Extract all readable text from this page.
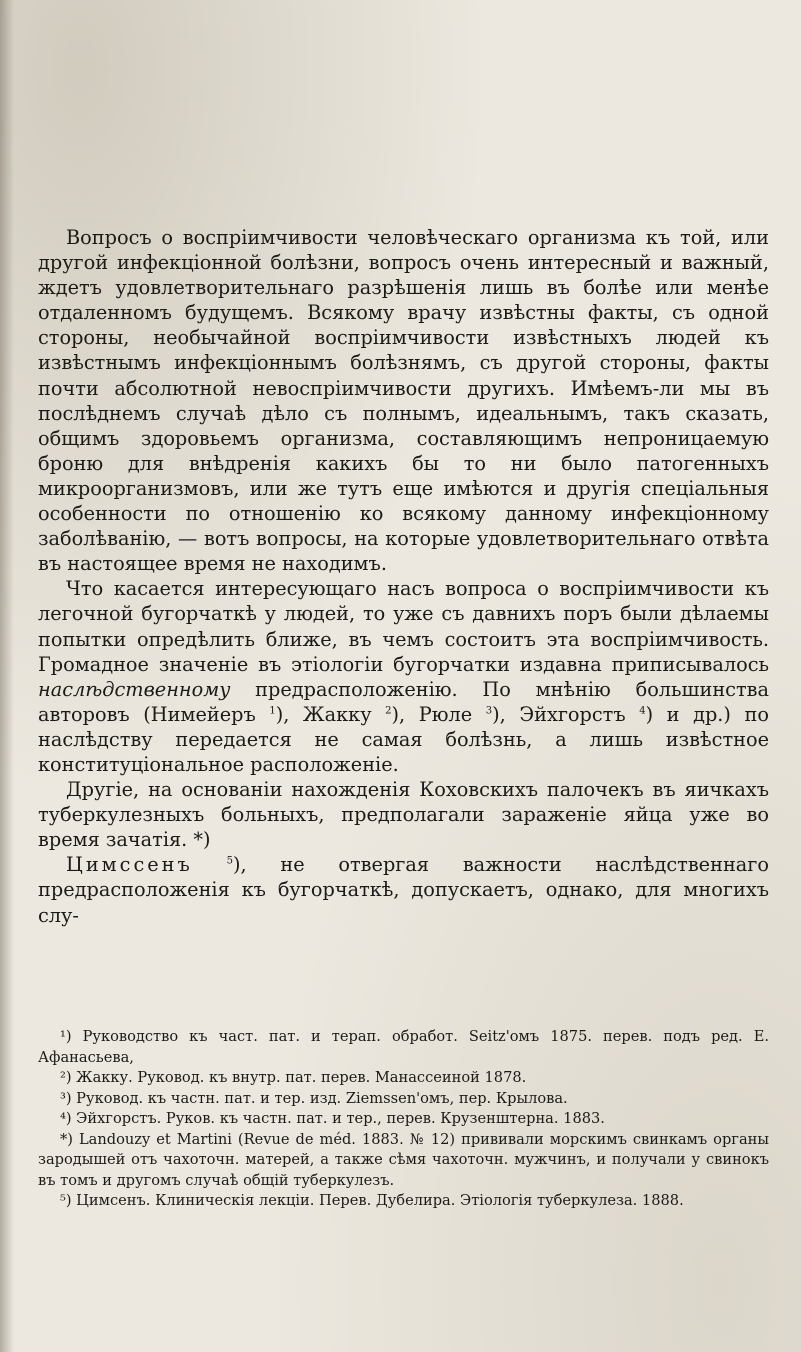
Вопросъ о воспріимчивости человѣческаго организма къ той, или другой инфекціонной болѣзни, вопросъ очень интересный и важный, ждетъ удовлетворительнаго разрѣшенія лишь въ болѣе или менѣе отдаленномъ будущемъ. Всякому врачу извѣстны факты, съ одной стороны, необычайной воспріимчивости извѣстныхъ людей къ извѣстнымъ инфекціоннымъ болѣзнямъ, съ другой стороны, факты почти абсолютной невоспріимчивости другихъ. Имѣемъ-ли мы въ послѣднемъ случаѣ дѣло съ полнымъ, идеальнымъ, такъ сказать, общимъ здоровьемъ организма, составляющимъ непроницаемую броню для внѣдренія какихъ бы то ни было патогенныхъ микроорганизмовъ, или же тутъ еще имѣются и другія спеціальныя особенности по отношенію ко всякому данному инфекціонному заболѣванію, — вотъ вопросы, на которые удовлетворительнаго отвѣта въ настоящее время не находимъ.

Что касается интересующаго насъ вопроса о воспріимчивости къ легочной бугорчаткѣ у людей, то уже съ давнихъ поръ были дѣлаемы попытки опредѣлить ближе, въ чемъ состоитъ эта воспріимчивость. Громадное значеніе въ этіологіи бугорчатки издавна приписывалось наслѣдственному предрасположенію. По мнѣнію большинства авторовъ (Нимейеръ $^1$), Жакку $^2$), Рюле $^3$), Эйхгорстъ $^4$) и др.) по наслѣдству передается не самая болѣзнь, а лишь извѣстное конституціональное расположеніе.

Другіе, на основаніи нахожденія Коховскихъ палочекъ въ яичкахъ туберкулезныхъ больныхъ, предполагали зараженіе яйца уже во время зачатія. *)

Цимссенъ	$^5$), не отвергая важности наслѣдственнаго предрасположенія къ бугорчаткѣ, допускаетъ, однако, для многихъ слу-

¹) Руководство къ част. пат. и терап. обработ. Seitz'омъ 1875. перев. подъ ред. Е. Афанасьева,

²) Жакку. Руковод. къ внутр. пат. перев. Манассеиной 1878.

³) Руковод. къ частн. пат. и тер. изд. Ziemssen'омъ, пер. Крылова.

⁴) Эйхгорстъ. Руков. къ частн. пат. и тер., перев. Крузенштерна. 1883.

*) Landouzy et Martini (Revue de méd. 1883. № 12) прививали морскимъ свинкамъ органы зародышей отъ чахоточн. матерей, а также сѣмя чахоточн. мужчинъ, и получали у свинокъ въ томъ и другомъ случаѣ общій туберкулезъ.

⁵) Цимсенъ. Клиническія лекціи. Перев. Дубелира. Этіологія туберкулеза. 1888.
